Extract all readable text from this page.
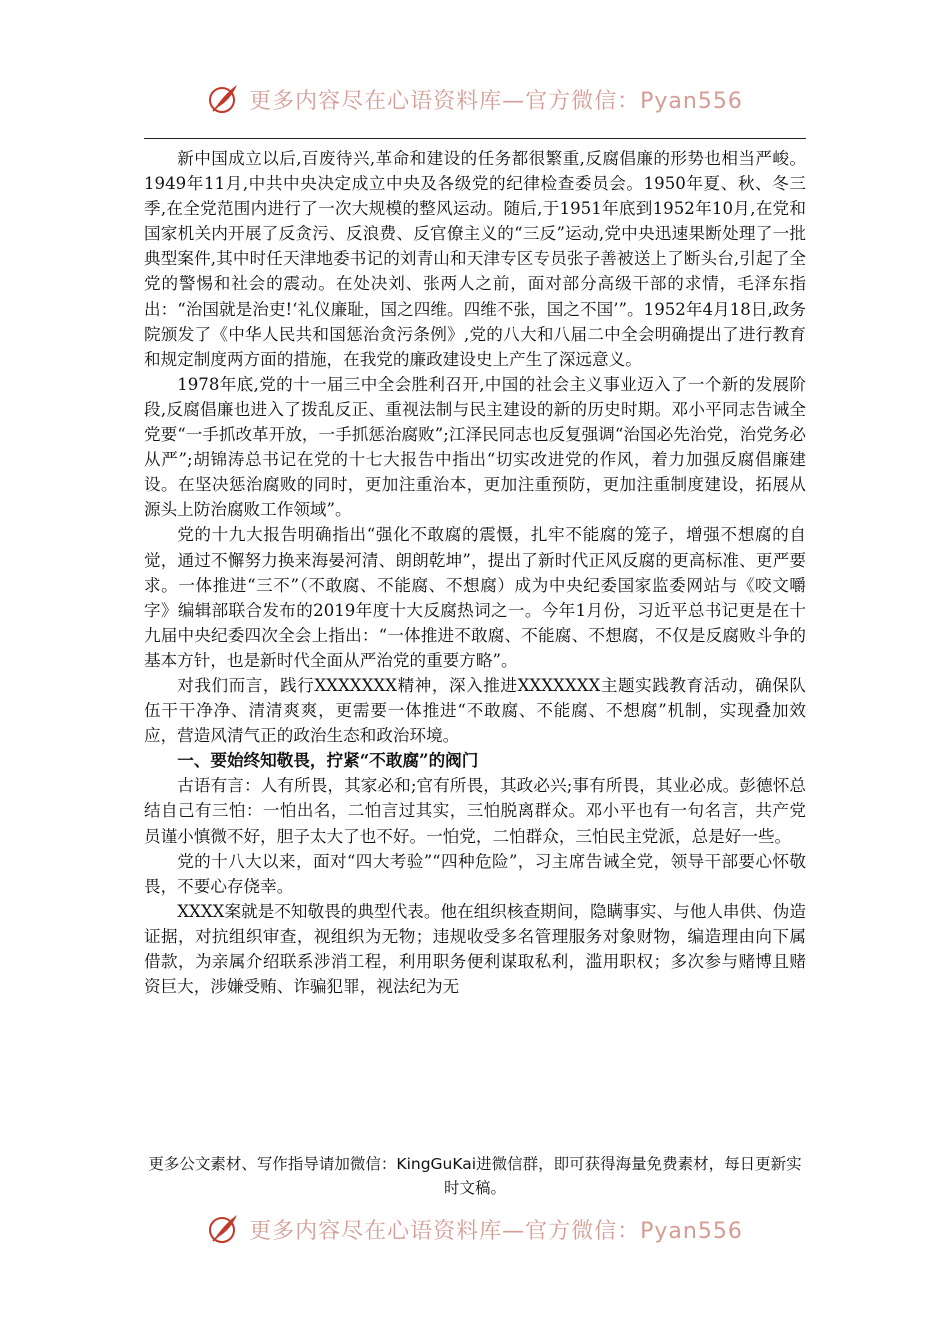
更多内容尽在心语资料库—官方微信：Pyan556

新中国成立以后,百废待兴,革命和建设的任务都很繁重,反腐倡廉的形势也相当严峻。1949年11月,中共中央决定成立中央及各级党的纪律检查委员会。1950年夏、秋、冬三季,在全党范围内进行了一次大规模的整风运动。随后,于1951年底到1952年10月,在党和国家机关内开展了反贪污、反浪费、反官僚主义的“三反”运动,党中央迅速果断处理了一批典型案件,其中时任天津地委书记的刘青山和天津专区专员张子善被送上了断头台,引起了全党的警惕和社会的震动。在处决刘、张两人之前，面对部分高级干部的求情，毛泽东指出：“治国就是治吏!‘礼仪廉耻，国之四维。四维不张，国之不国’”。1952年4月18日,政务院颁发了《中华人民共和国惩治贪污条例》,党的八大和八届二中全会明确提出了进行教育和规定制度两方面的措施，在我党的廉政建设史上产生了深远意义。

1978年底,党的十一届三中全会胜利召开,中国的社会主义事业迈入了一个新的发展阶段,反腐倡廉也进入了拨乱反正、重视法制与民主建设的新的历史时期。邓小平同志告诫全党要“一手抓改革开放，一手抓惩治腐败”;江泽民同志也反复强调“治国必先治党，治党务必从严”;胡锦涛总书记在党的十七大报告中指出“切实改进党的作风，着力加强反腐倡廉建设。在坚决惩治腐败的同时，更加注重治本，更加注重预防，更加注重制度建设，拓展从源头上防治腐败工作领域”。

党的十九大报告明确指出“强化不敢腐的震慑，扎牢不能腐的笼子，增强不想腐的自觉，通过不懈努力换来海晏河清、朗朗乾坤”，提出了新时代正风反腐的更高标准、更严要求。一体推进“三不”（不敢腐、不能腐、不想腐）成为中央纪委国家监委网站与《咬文嚼字》编辑部联合发布的2019年度十大反腐热词之一。今年1月份，习近平总书记更是在十九届中央纪委四次全会上指出：“一体推进不敢腐、不能腐、不想腐，不仅是反腐败斗争的基本方针，也是新时代全面从严治党的重要方略”。

对我们而言，践行XXXXXXX精神，深入推进XXXXXXX主题实践教育活动，确保队伍干干净净、清清爽爽，更需要一体推进“不敢腐、不能腐、不想腐”机制，实现叠加效应，营造风清气正的政治生态和政治环境。

一、要始终知敬畏，拧紧“不敢腐”的阀门

古语有言：人有所畏，其家必和;官有所畏，其政必兴;事有所畏，其业必成。彭德怀总结自己有三怕：一怕出名，二怕言过其实，三怕脱离群众。邓小平也有一句名言，共产党员谨小慎微不好，胆子太大了也不好。一怕党，二怕群众，三怕民主党派，总是好一些。

党的十八大以来，面对“四大考验”“四种危险”，习主席告诫全党，领导干部要心怀敬畏，不要心存侥幸。

XXXX案就是不知敬畏的典型代表。他在组织核查期间，隐瞒事实、与他人串供、伪造证据，对抗组织审查，视组织为无物；违规收受多名管理服务对象财物，编造理由向下属借款，为亲属介绍联系涉消工程，利用职务便利谋取私利，滥用职权；多次参与赌博且赌资巨大，涉嫌受贿、诈骗犯罪，视法纪为无

更多公文素材、写作指导请加微信：KingGuKai进微信群，即可获得海量免费素材，每日更新实时文稿。
更多内容尽在心语资料库—官方微信：Pyan556
